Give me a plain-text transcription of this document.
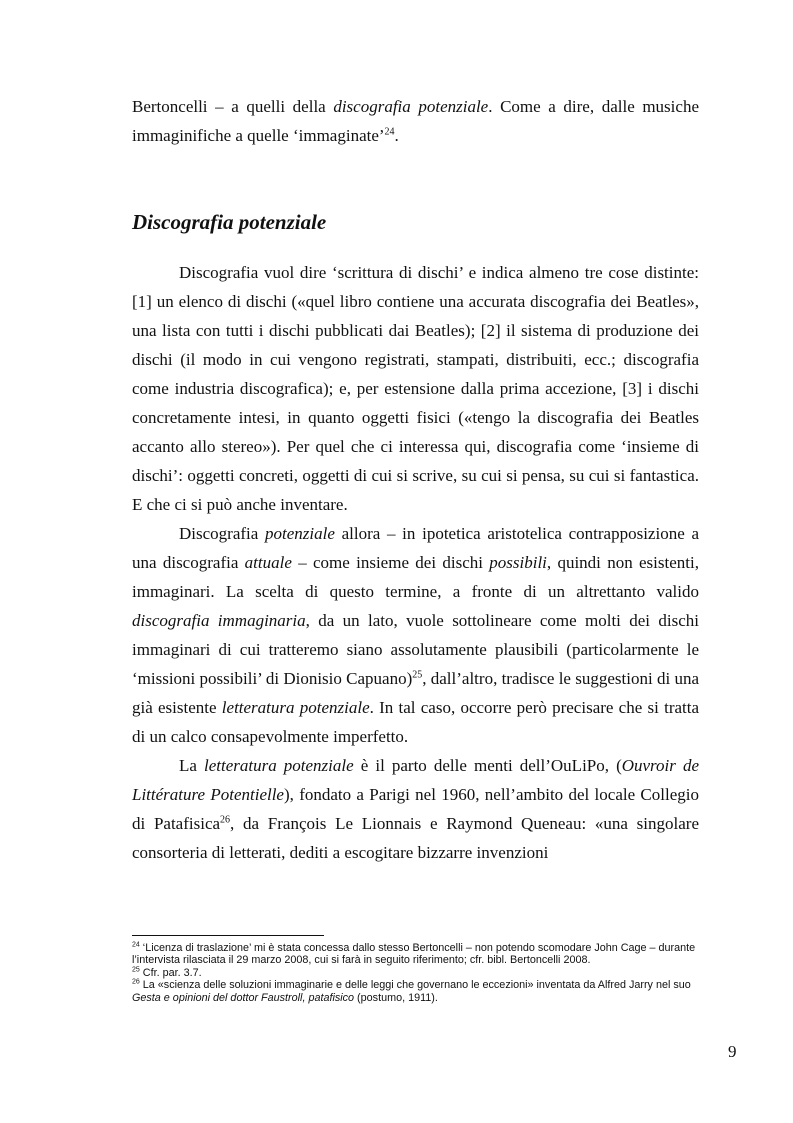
Bertoncelli – a quelli della discografia potenziale. Come a dire, dalle musiche immaginifiche a quelle ‘immaginate’$^{24}$.

Discografia potenziale

Discografia vuol dire ‘scrittura di dischi’ e indica almeno tre cose distinte: [1] un elenco di dischi («quel libro contiene una accurata discografia dei Beatles», una lista con tutti i dischi pubblicati dai Beatles); [2] il sistema di produzione dei dischi (il modo in cui vengono registrati, stampati, distribuiti, ecc.; discografia come industria discografica); e, per estensione dalla prima accezione, [3] i dischi concretamente intesi, in quanto oggetti fisici («tengo la discografia dei Beatles accanto allo stereo»). Per quel che ci interessa qui, discografia come ‘insieme di dischi’: oggetti concreti, oggetti di cui si scrive, su cui si pensa, su cui si fantastica. E che ci si può anche inventare.

Discografia potenziale allora – in ipotetica aristotelica contrapposizione a una discografia attuale – come insieme dei dischi possibili, quindi non esistenti, immaginari. La scelta di questo termine, a fronte di un altrettanto valido discografia immaginaria, da un lato, vuole sottolineare come molti dei dischi immaginari di cui tratteremo siano assolutamente plausibili (particolarmente le ‘missioni possibili’ di Dionisio Capuano)$^{25}$, dall’altro, tradisce le suggestioni di una già esistente letteratura potenziale. In tal caso, occorre però precisare che si tratta di un calco consapevolmente imperfetto.

La letteratura potenziale è il parto delle menti dell’OuLiPo, (Ouvroir de Littérature Potentielle), fondato a Parigi nel 1960, nell’ambito del locale Collegio di Patafisica$^{26}$, da François Le Lionnais e Raymond Queneau: «una singolare consorteria di letterati, dediti a escogitare bizzarre invenzioni

$^{24}$ ‘Licenza di traslazione’ mi è stata concessa dallo stesso Bertoncelli – non potendo scomodare John Cage – durante l’intervista rilasciata il 29 marzo 2008, cui si farà in seguito riferimento; cfr. bibl. Bertoncelli 2008.

$^{25}$ Cfr. par. 3.7.

$^{26}$ La «scienza delle soluzioni immaginarie e delle leggi che governano le eccezioni» inventata da Alfred Jarry nel suo Gesta e opinioni del dottor Faustroll, patafisico (postumo, 1911).

9
